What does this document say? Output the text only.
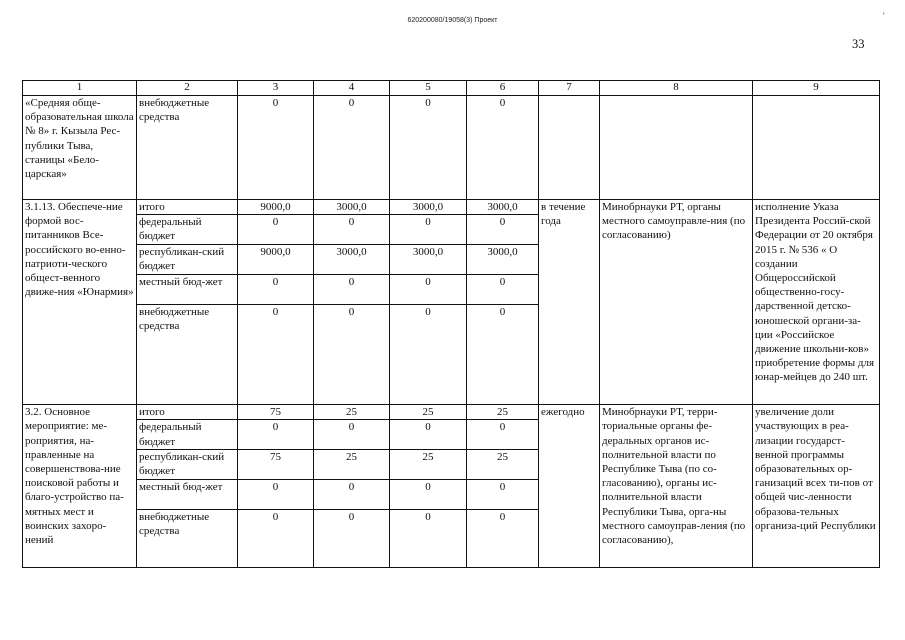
620200080/19058(3) Проект	'
33
1	2	3	4	5	6	7	8	9
«Средняя обще-образовательная школа № 8» г. Кызыла Рес-публики Тыва, станицы «Бело-царская»	внебюджетные средства	0	0	0	0			
3.1.13. Обеспече-ние формой вос-питанников Все-российского во-енно-патриоти-ческого общест-венного движе-ния «Юнармия»	итого	9000,0	3000,0	3000,0	3000,0	в течение года	Минобрнауки РТ, органы местного самоуправле-ния (по согласованию)	исполнение Указа Президента Россий-ской Федерации от 20 октября 2015 г. № 536 « О создании Общероссийской общественно-госу-дарственной детско-юношеской органи-за-ции «Российское движение школьни-ков» приобретение формы для юнар-мейцев до 240 шт.
	федеральный бюджет	0	0	0	0			
	республикан-ский бюджет	9000,0	3000,0	3000,0	3000,0			
	местный бюд-жет	0	0	0	0			
	внебюджетные средства	0	0	0	0			
3.2. Основное мероприятие: ме-роприятия, на-правленные на совершенствова-ние поисковой работы и благо-устройство па-мятных мест и воинских захоро-нений	итого	75	25	25	25	ежегодно	Минобрнауки РТ, терри-ториальные органы фе-деральных органов ис-полнительной власти по Республике Тыва (по со-гласованию), органы ис-полнительной власти Республики Тыва, орга-ны местного самоуправ-ления (по согласованию),	увеличение доли участвующих в реа-лизации государст-венной программы образовательных ор-ганизаций всех ти-пов от общей чис-ленности образова-тельных организа-ций Республики
	федеральный бюджет	0	0	0	0			
	республикан-ский бюджет	75	25	25	25			
	местный бюд-жет	0	0	0	0			
	внебюджетные средства	0	0	0	0			
